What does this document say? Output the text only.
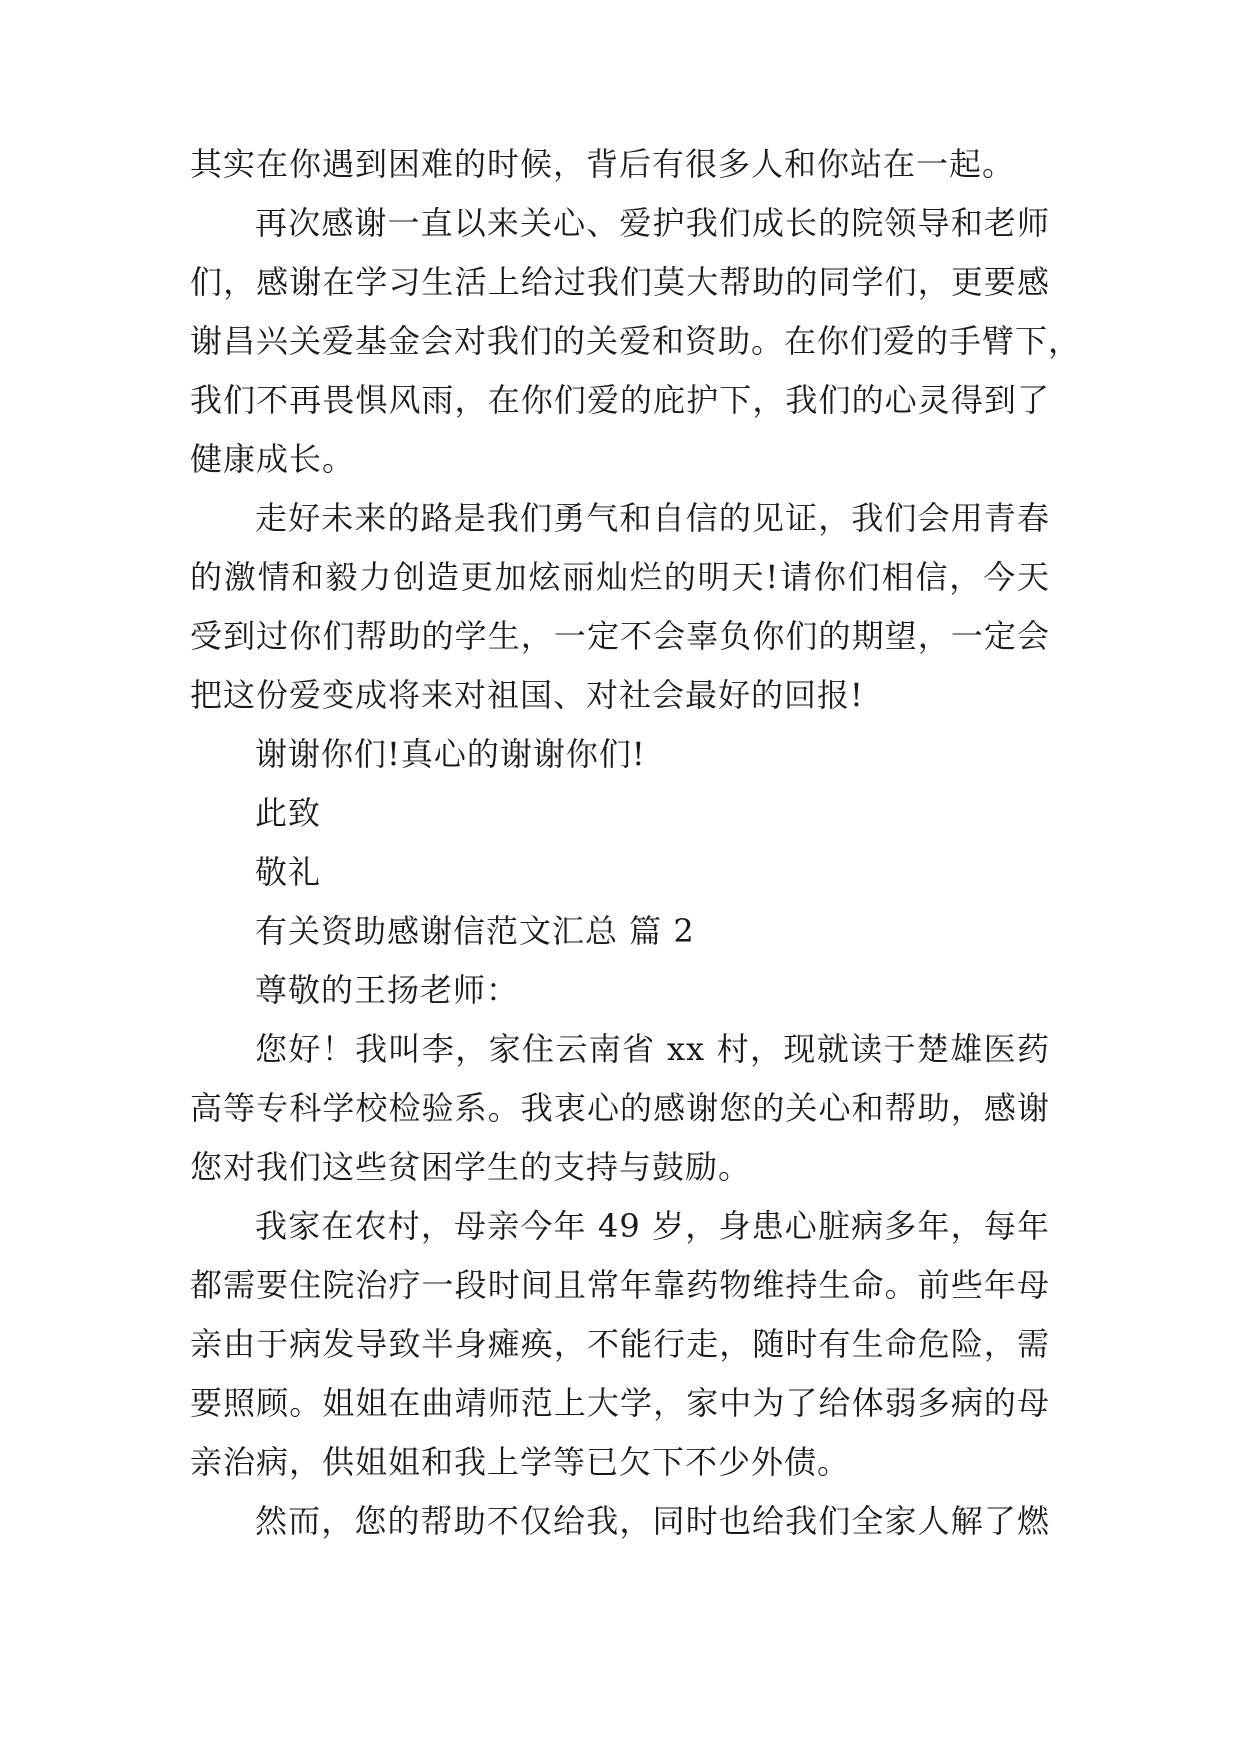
其实在你遇到困难的时候，背后有很多人和你站在一起。
再次感谢一直以来关心、爱护我们成长的院领导和老师
们，感谢在学习生活上给过我们莫大帮助的同学们，更要感
谢昌兴关爱基金会对我们的关爱和资助。在你们爱的手臂下，
我们不再畏惧风雨，在你们爱的庇护下，我们的心灵得到了
健康成长。
走好未来的路是我们勇气和自信的见证，我们会用青春
的激情和毅力创造更加炫丽灿烂的明天!请你们相信，今天
受到过你们帮助的学生，一定不会辜负你们的期望，一定会
把这份爱变成将来对祖国、对社会最好的回报!
谢谢你们!真心的谢谢你们!
此致
敬礼
有关资助感谢信范文汇总 篇 2
尊敬的王扬老师：
您好！我叫李，家住云南省 xx 村，现就读于楚雄医药
高等专科学校检验系。我衷心的感谢您的关心和帮助，感谢
您对我们这些贫困学生的支持与鼓励。
我家在农村，母亲今年 49 岁，身患心脏病多年，每年
都需要住院治疗一段时间且常年靠药物维持生命。前些年母
亲由于病发导致半身瘫痪，不能行走，随时有生命危险，需
要照顾。姐姐在曲靖师范上大学，家中为了给体弱多病的母
亲治病，供姐姐和我上学等已欠下不少外债。
然而，您的帮助不仅给我，同时也给我们全家人解了燃
